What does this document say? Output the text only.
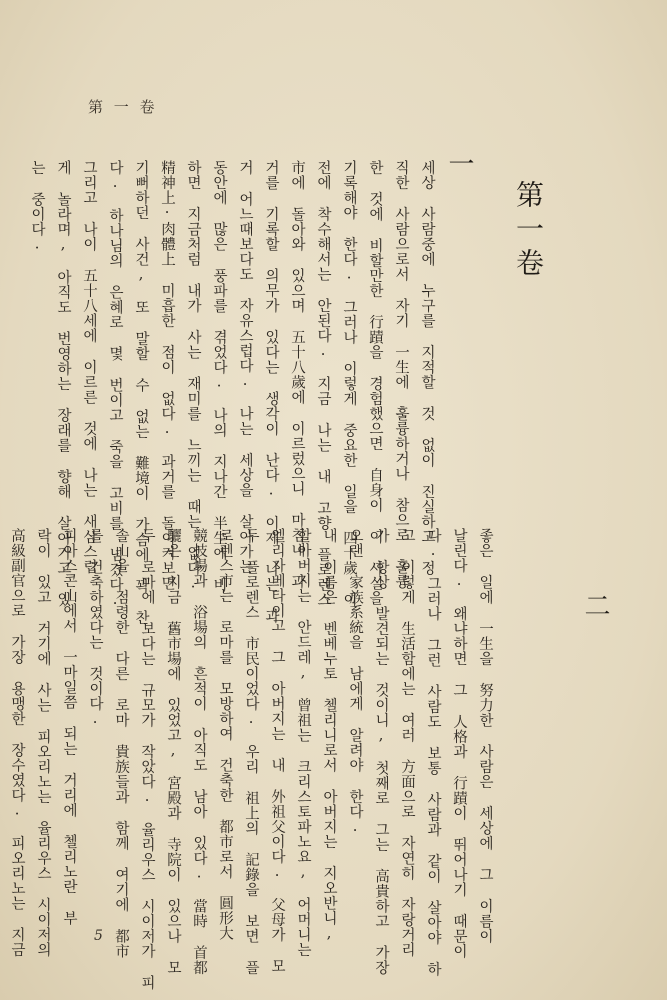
第 一 卷
第一卷
一
세상 사람중에 누구를 지적할 것 없이 진실하고 정
직한 사람으로서 자기 一生에 훌륭하거나 참으로 훌륭
한 것에 비할만한 行蹟을 경험했으면 自身이 이 사실을
기록해야 한다. 그러나 이렇게 중요한 일을 四十歲 이
전에 착수해서는 안된다. 지금 나는 내 고향 플로렌스
市에 돌아와 있으며 五十八歲에 이르렀으니 마침내 과
거를 기록할 의무가 있다는 생각이 난다. 이제 나는 과
거 어느때보다도 자유스럽다. 나는 세상을 살아가는
동안에 많은 풍파를 겪었다. 나의 지나간 半生에 비
하면 지금처럼 내가 사는 재미를 느끼는 때는 없다.
精神上·肉體上 미흡한 점이 없다. 과거를 돌이켜보면
기뻐하던 사건, 또 말할 수 없는 難境이 가슴에 꽉 찬
다. 하나님의 은혜로 몇 번이고 죽을 고비를 넘겼다.
그리고 나이 五十八세에 이르른 것에 나는 새삼스럽
게 놀라며, 아직도 번영하는 장래를 향해 살아가고 있
는 중이다.
二
좋은 일에 一生을 努力한 사람은 세상에 그 이름이
날린다. 왜냐하면 그 人格과 行蹟이 뛰어나기 때문이
다. 그러나 그런 사람도 보통 사람과 같이 살아야 하
고 이렇게 生活함에는 여러 方面으로 자연히 자랑거리
가 항상 발견되는 것이니, 첫째로 그는 高貴하고 가장
오랜 家族系統을 남에게 알려야 한다.
내 이름은 벤베누토 첼리니로서 아버지는 지오반니,
할아버지는 안드레, 曾祖는 크리스토파노요, 어머니는
엘리자베타이고 그 아버지는 내 外祖父이다. 父母가 모
두 플로렌스 市民이었다. 우리 祖上의 記錄을 보면 플
로렌스市는 로마를 모방하여 건축한 都市로서 圓形大
競技場과 浴場의 흔적이 아직도 남아 있다. 當時 首都
驪은 지금 舊市場에 있었고, 宮殿과 寺院이 있으나 모
두 로마에 보다는 규모가 작았다. 율리우스 시이저가 피
솔山을 점령한 다른 로마 貴族들과 함께 여기에 都市
를 건축하였다는 것이다.
피아스콘山에서 一마일쯤 되는 거리에 첼리노란 부
락이 있고 거기에 사는 피오리노는 율리우스 시이저의
高級副官으로 가장 용맹한 장수였다. 피오리노는 지금

	5
